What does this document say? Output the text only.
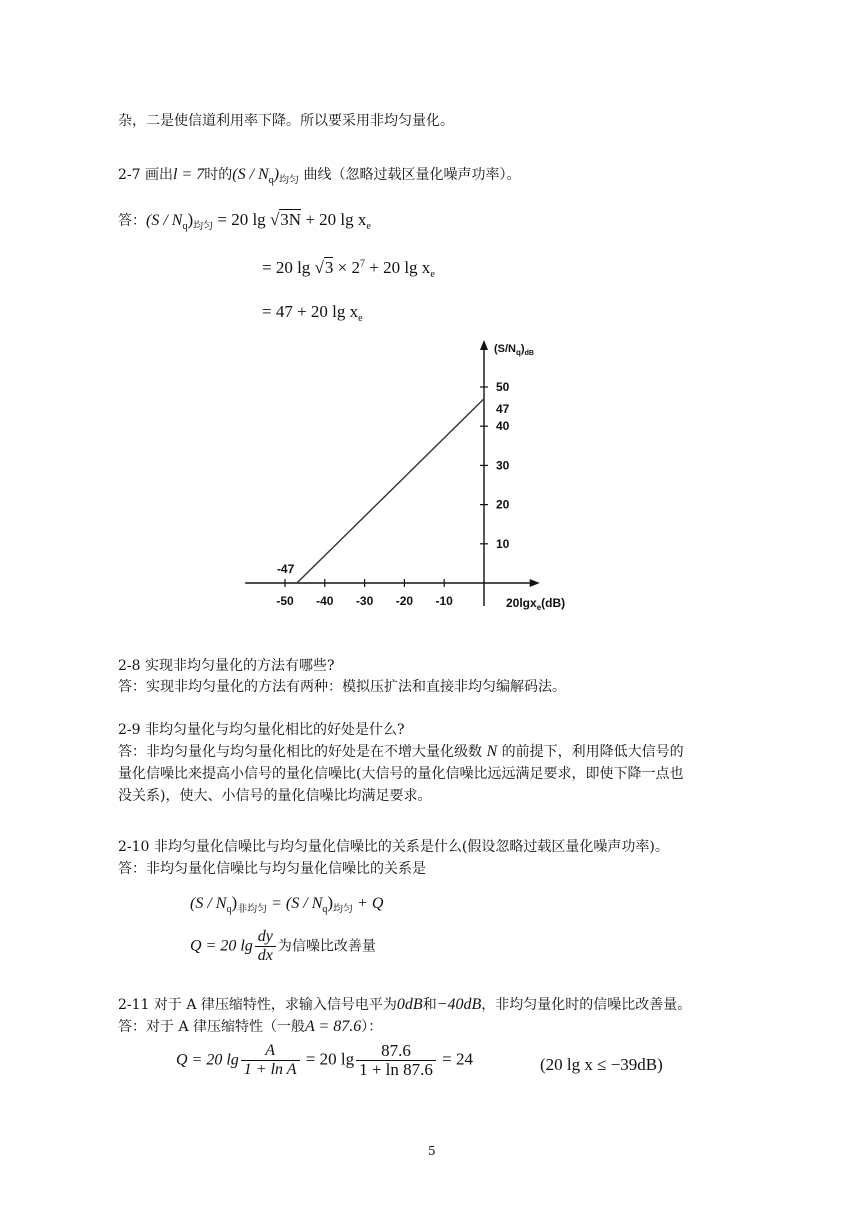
杂，二是使信道利用率下降。所以要采用非均匀量化。
2-7 画出l = 7时的$(S / N_q)_{均匀}$ 曲线（忽略过载区量化噪声功率）。
答：$(S / N_q)_{均匀} = 20$ lg √3N + 20 $\lg x_e$
= 20 $\lg √3 \times 2^7 + 20$ $\lg x_e$
= 47 + 20 $\lg x_e$
-50 -40 -30 -20 -10
10
20
30
40
50
47
-47
$(S/N_q)_{dB}$
20lgx$_e$(dB)
2-8 实现非均匀量化的方法有哪些?
答：实现非均匀量化的方法有两种：模拟压扩法和直接非均匀编解码法。
2-9 非均匀量化与均匀量化相比的好处是什么?
答：非均匀量化与均匀量化相比的好处是在不增大量化级数 N 的前提下，利用降低大信号的
量化信噪比来提高小信号的量化信噪比(大信号的量化信噪比远远满足要求，即使下降一点也
没关系)，使大、小信号的量化信噪比均满足要求。
2-10 非均匀量化信噪比与均匀量化信噪比的关系是什么(假设忽略过载区量化噪声功率)。
答：非均匀量化信噪比与均匀量化信噪比的关系是
$(S / N_q)_{非均匀} = (S / N_q)_{均匀} + Q$
Q = 20 $\lg \frac{dy}{dx}$ 为信噪比改善量
2-11 对于 A 律压缩特性，求输入信号电平为0dB和−40dB，非均匀量化时的信噪比改善量。
答：对于 A 律压缩特性（一般A = 87.6）：
Q = 20 $\lg \frac{A}{\text{1 + ln A}} = 20$ $\lg \frac{87.6}{1 + \ln 87.6} = 24$	(20 lg x ≤ −39dB)
5
